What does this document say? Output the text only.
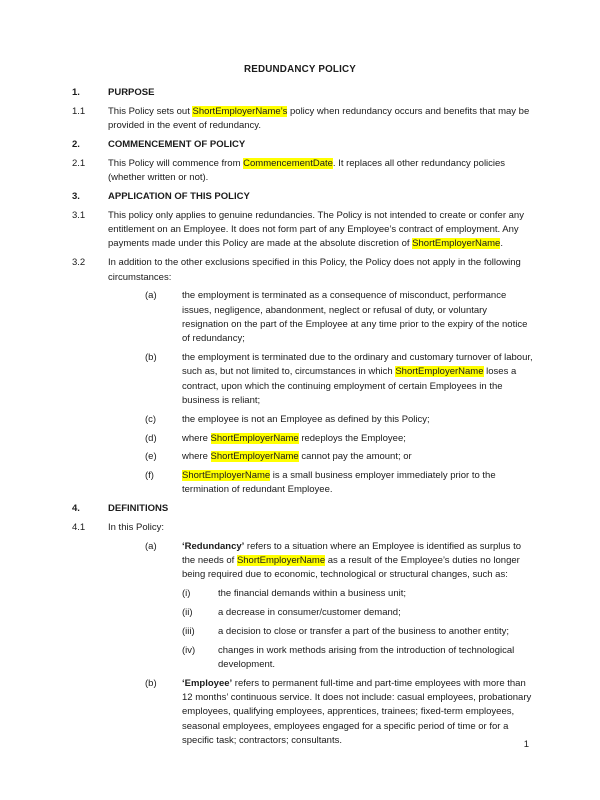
REDUNDANCY POLICY
1.	PURPOSE
1.1	This Policy sets out ShortEmployerName’s policy when redundancy occurs and benefits that may be provided in the event of redundancy.
2.	COMMENCEMENT OF POLICY
2.1	This Policy will commence from CommencementDate. It replaces all other redundancy policies (whether written or not).
3.	APPLICATION OF THIS POLICY
3.1	This policy only applies to genuine redundancies. The Policy is not intended to create or confer any entitlement on an Employee. It does not form part of any Employee’s contract of employment. Any payments made under this Policy are made at the absolute discretion of ShortEmployerName.
3.2	In addition to the other exclusions specified in this Policy, the Policy does not apply in the following circumstances:
(a)	the employment is terminated as a consequence of misconduct, performance issues, negligence, abandonment, neglect or refusal of duty, or voluntary resignation on the part of the Employee at any time prior to the expiry of the notice of redundancy;
(b)	the employment is terminated due to the ordinary and customary turnover of labour, such as, but not limited to, circumstances in which ShortEmployerName loses a contract, upon which the continuing employment of certain Employees in the business is reliant;
(c)	the employee is not an Employee as defined by this Policy;
(d)	where ShortEmployerName redeploys the Employee;
(e)	where ShortEmployerName cannot pay the amount; or
(f)	ShortEmployerName is a small business employer immediately prior to the termination of redundant Employee.
4.	DEFINITIONS
4.1	In this Policy:
(a)	‘Redundancy’ refers to a situation where an Employee is identified as surplus to the needs of ShortEmployerName as a result of the Employee’s duties no longer being required due to economic, technological or structural changes, such as:
(i)	the financial demands within a business unit;
(ii)	a decrease in consumer/customer demand;
(iii)	a decision to close or transfer a part of the business to another entity;
(iv)	changes in work methods arising from the introduction of technological development.
(b)	‘Employee’ refers to permanent full-time and part-time employees with more than 12 months’ continuous service. It does not include: casual employees, probationary employees, qualifying employees, apprentices, trainees; fixed-term employees, seasonal employees, employees engaged for a specific period of time or for a specific task; contractors; consultants.	1
